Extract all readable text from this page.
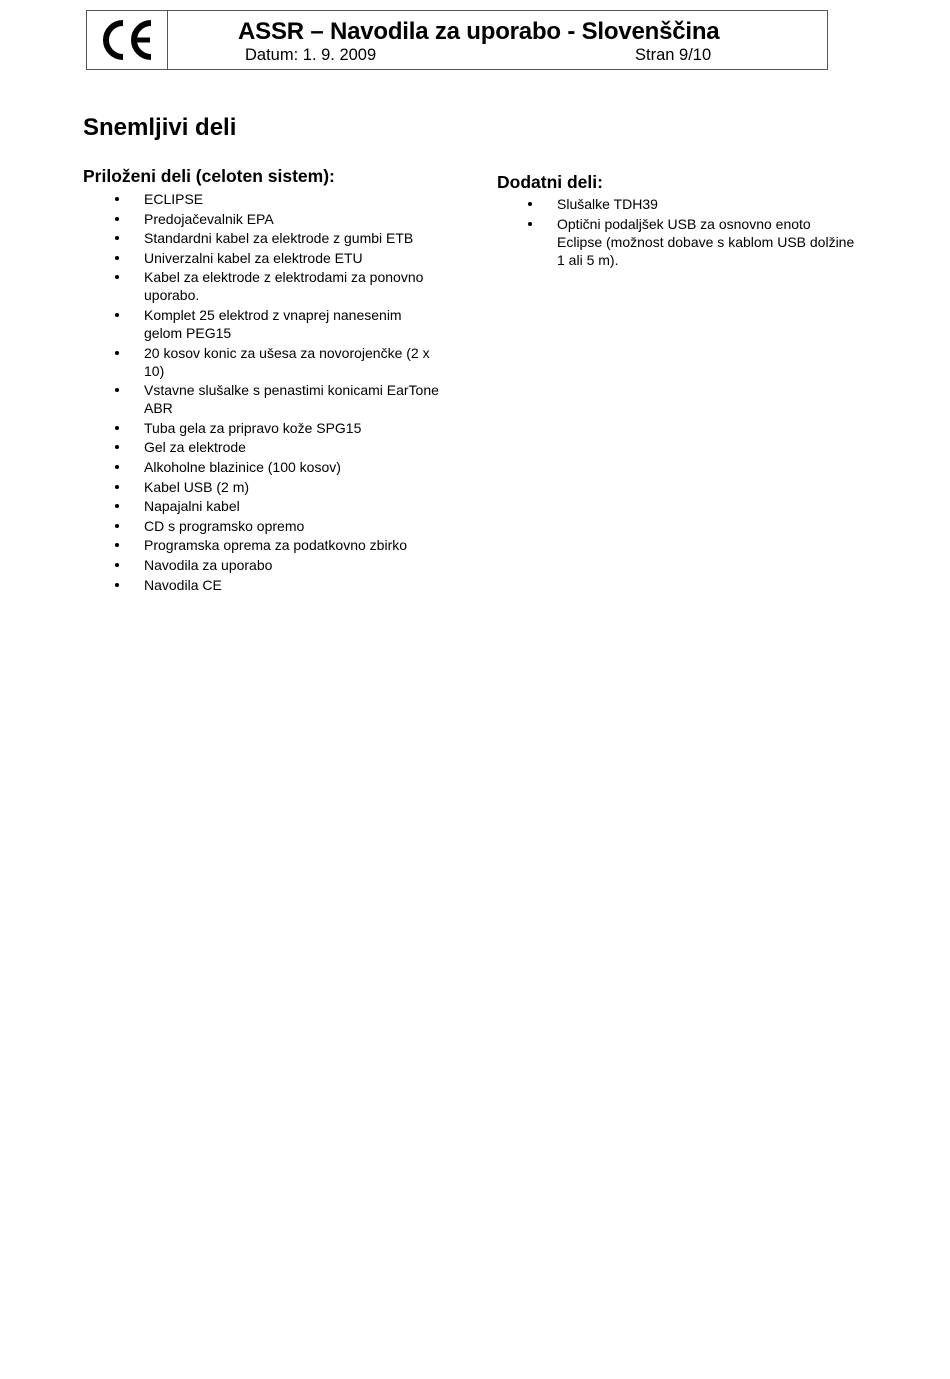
ASSR – Navodila za uporabo - Slovenščina
Datum: 1. 9. 2009	Stran 9/10
Snemljivi deli
Priloženi deli (celoten sistem):
ECLIPSE
Predojačevalnik EPA
Standardni kabel za elektrode z gumbi ETB
Univerzalni kabel za elektrode ETU
Kabel za elektrode z elektrodami za ponovno uporabo.
Komplet 25 elektrod z vnaprej nanesenim gelom PEG15
20 kosov konic za ušesa za novorojenčke (2 x 10)
Vstavne slušalke s penastimi konicami EarTone ABR
Tuba gela za pripravo kože SPG15
Gel za elektrode
Alkoholne blazinice (100 kosov)
Kabel USB (2 m)
Napajalni kabel
CD s programsko opremo
Programska oprema za podatkovno zbirko
Navodila za uporabo
Navodila CE
Dodatni deli:
Slušalke TDH39
Optični podaljšek USB za osnovno enoto Eclipse (možnost dobave s kablom USB dolžine 1 ali 5 m).
